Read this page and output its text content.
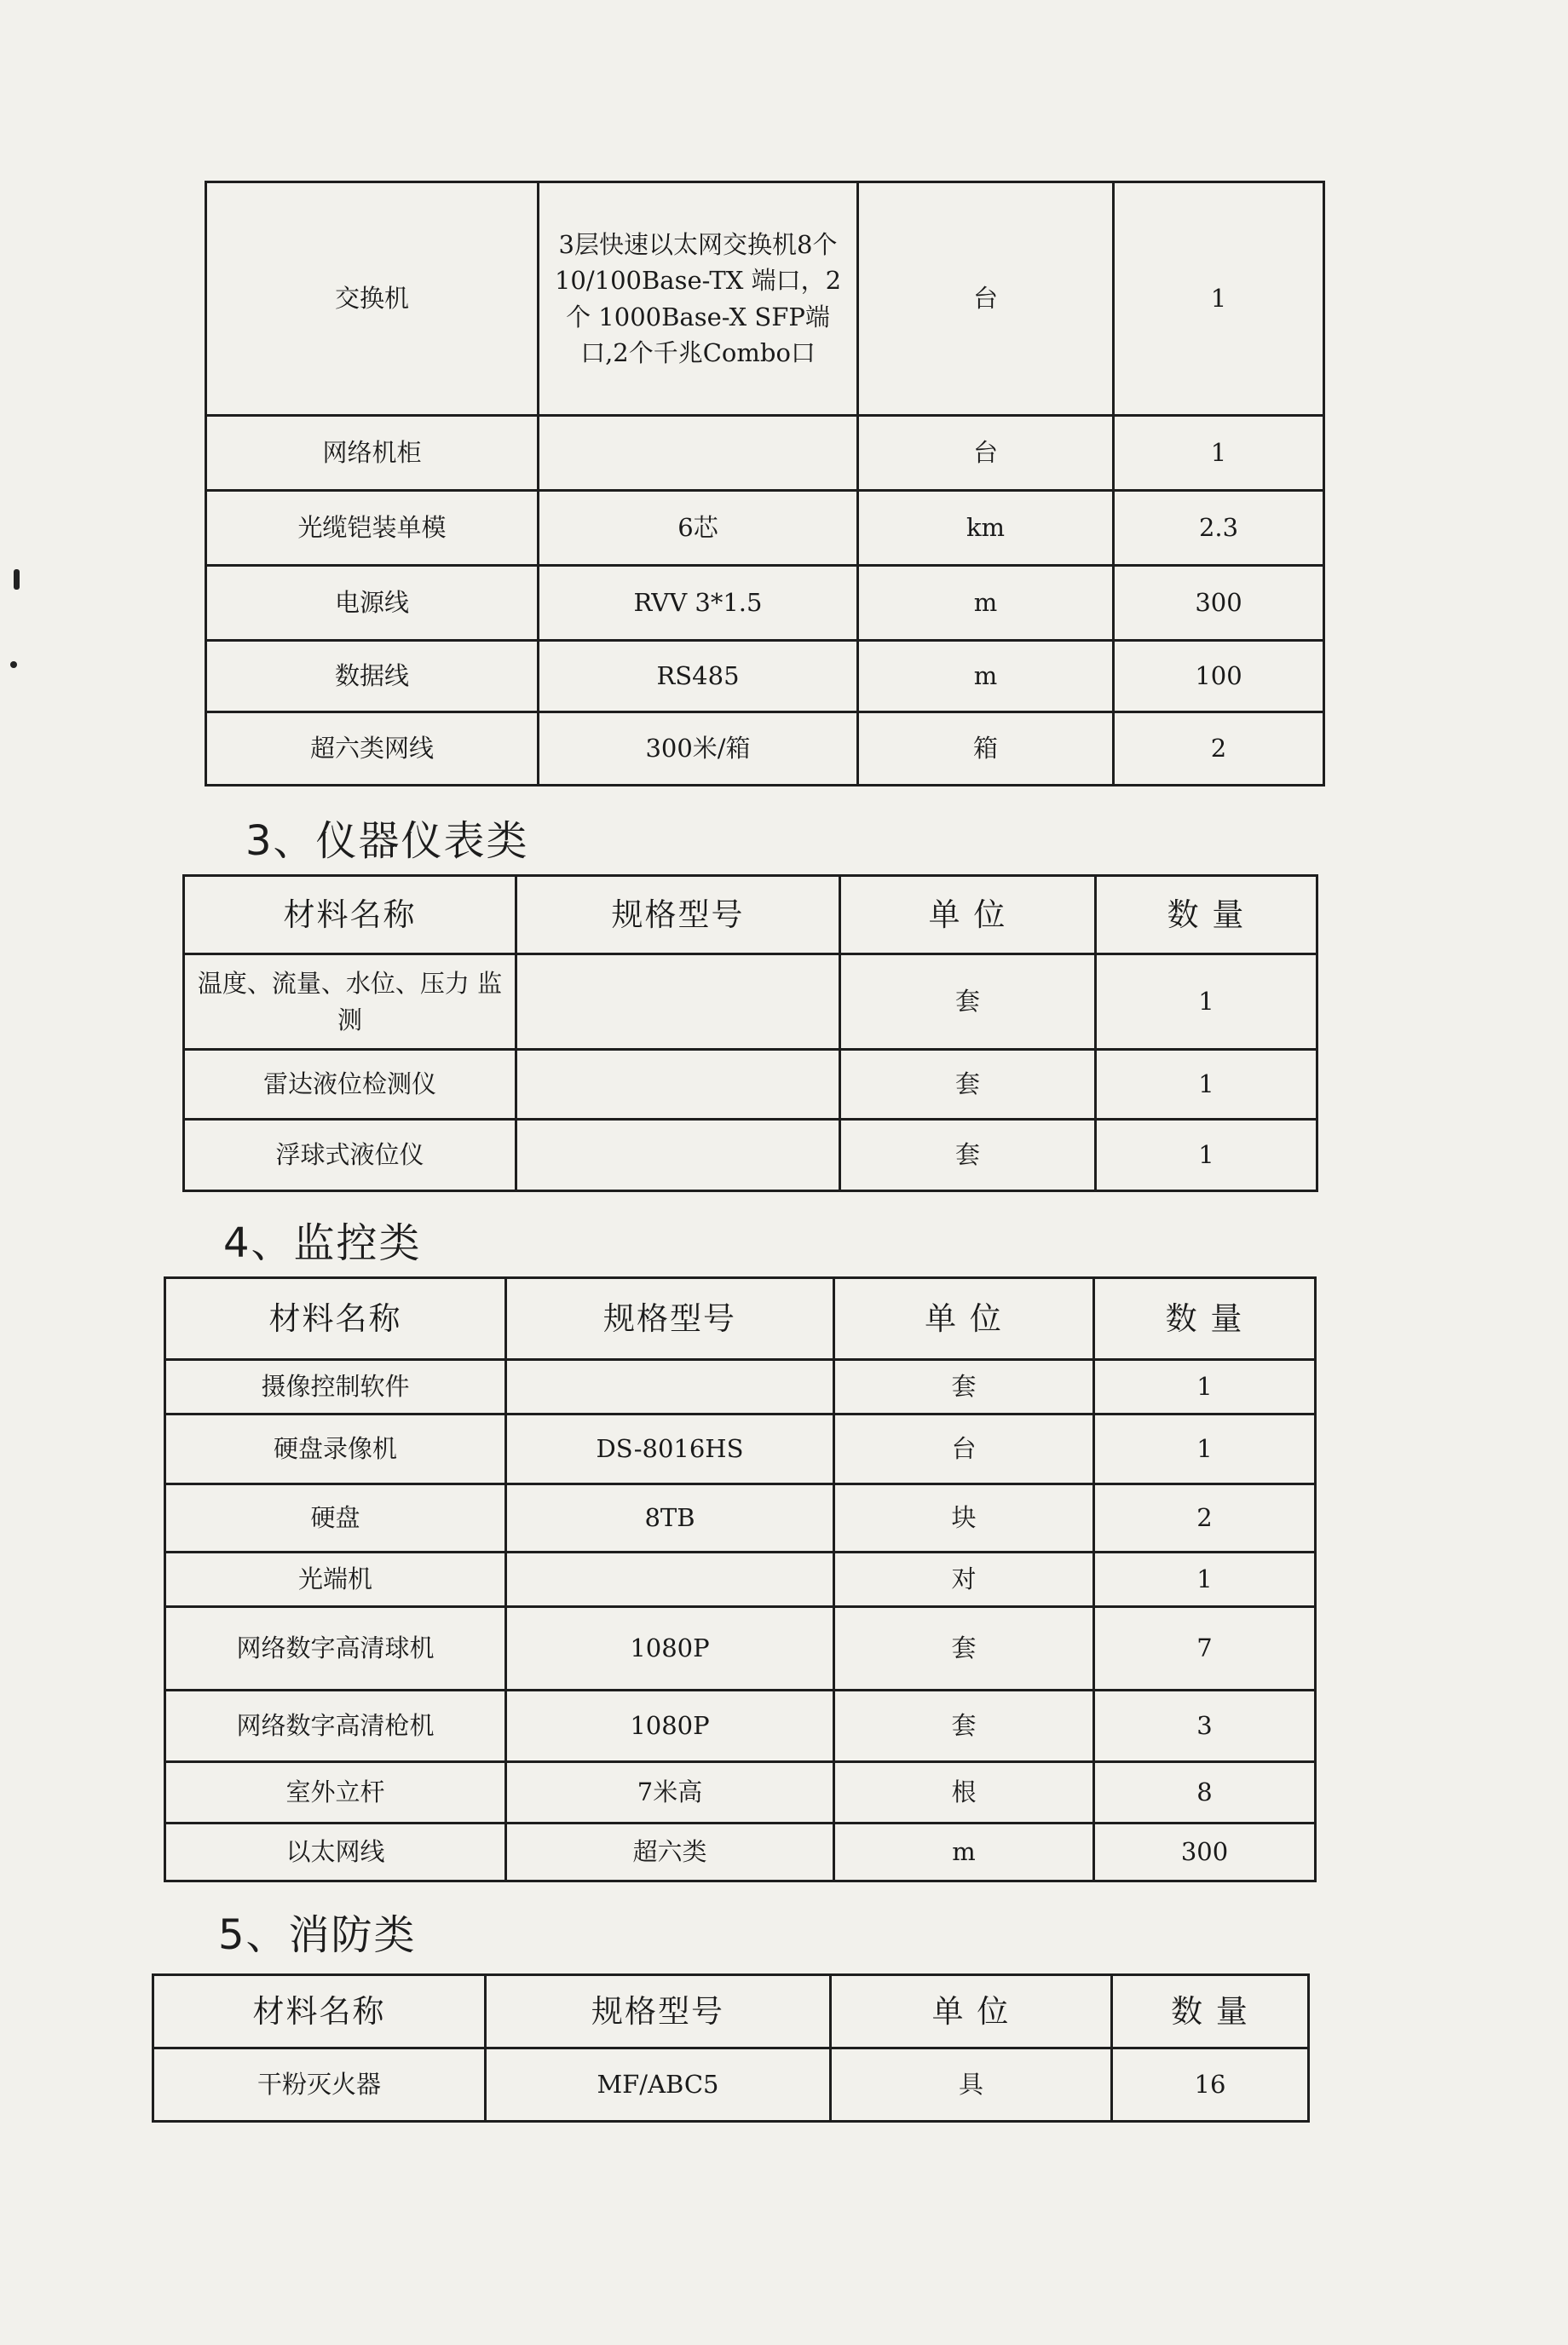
交换机	3层快速以太网交换机8个 10/100Base-TX 端口，2 个 1000Base-X SFP端口,2个千兆Combo口	台	1
网络机柜		台	1
光缆铠装单模	6芯	km	2.3
电源线	RVV 3*1.5	m	300
数据线	RS485	m	100
超六类网线	300米/箱	箱	2
3、仪器仪表类
材料名称	规格型号	单 位	数 量
温度、流量、水位、压力 监测		套	1
雷达液位检测仪		套	1
浮球式液位仪		套	1
4、监控类
材料名称	规格型号	单 位	数 量
摄像控制软件		套	1
硬盘录像机	DS-8016HS	台	1
硬盘	8TB	块	2
光端机		对	1
网络数字高清球机	1080P	套	7
网络数字高清枪机	1080P	套	3
室外立杆	7米高	根	8
以太网线	超六类	m	300
5、消防类
材料名称	规格型号	单 位	数 量
干粉灭火器	MF/ABC5	具	16
